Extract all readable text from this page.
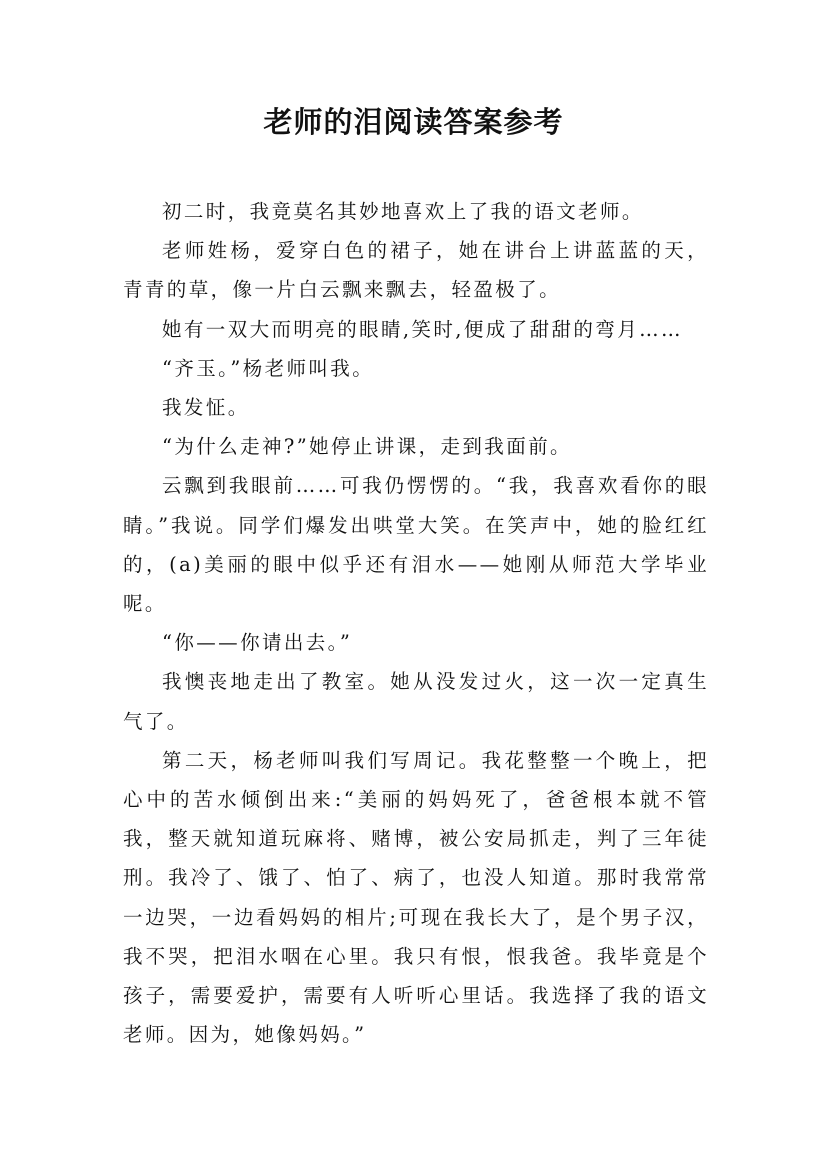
老师的泪阅读答案参考

初二时，我竟莫名其妙地喜欢上了我的语文老师。

老师姓杨，爱穿白色的裙子，她在讲台上讲蓝蓝的天，青青的草，像一片白云飘来飘去，轻盈极了。

她有一双大而明亮的眼睛,笑时,便成了甜甜的弯月……

“齐玉。”杨老师叫我。

我发怔。

“为什么走神?”她停止讲课，走到我面前。

云飘到我眼前……可我仍愣愣的。“我，我喜欢看你的眼睛。”我说。同学们爆发出哄堂大笑。在笑声中，她的脸红红的，(a)美丽的眼中似乎还有泪水——她刚从师范大学毕业呢。

“你——你请出去。”

我懊丧地走出了教室。她从没发过火，这一次一定真生气了。

第二天，杨老师叫我们写周记。我花整整一个晚上，把心中的苦水倾倒出来:“美丽的妈妈死了，爸爸根本就不管我，整天就知道玩麻将、赌博，被公安局抓走，判了三年徒刑。我冷了、饿了、怕了、病了，也没人知道。那时我常常一边哭，一边看妈妈的相片;可现在我长大了，是个男子汉，我不哭，把泪水咽在心里。我只有恨，恨我爸。我毕竟是个孩子，需要爱护，需要有人听听心里话。我选择了我的语文老师。因为，她像妈妈。”
